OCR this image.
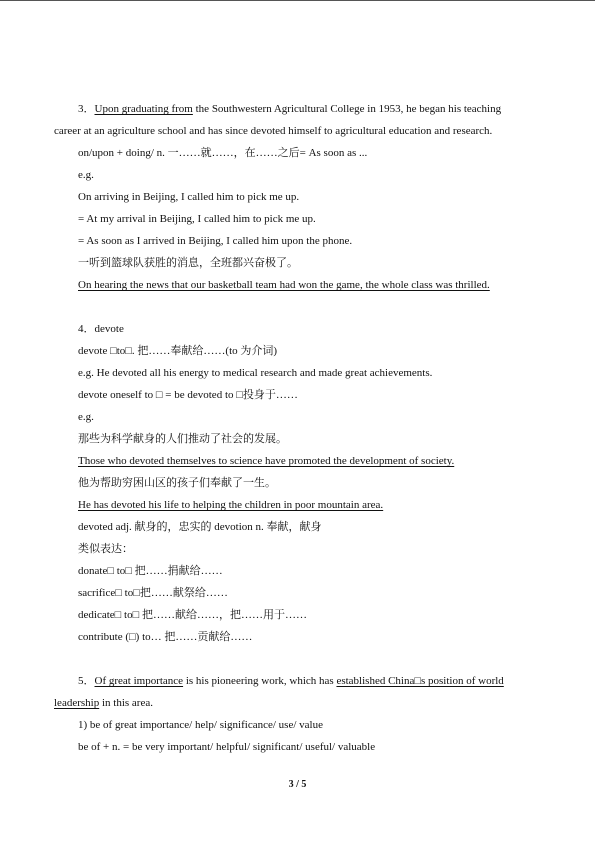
3．Upon graduating from the Southwestern Agricultural College in 1953, he began his teaching
career at an agriculture school and has since devoted himself to agricultural education and research.
on/upon + doing/ n. 一……就……，在……之后= As soon as ...
e.g.
On arriving in Beijing, I called him to pick me up.
= At my arrival in Beijing, I called him to pick me up.
= As soon as I arrived in Beijing, I called him upon the phone.
一听到篮球队获胜的消息，全班都兴奋极了。
On hearing the news that our basketball team had won the game, the whole class was thrilled.
4．devote
devote □to□. 把……奉献给……(to 为介词)
e.g. He devoted all his energy to medical research and made great achievements.
devote oneself to □ = be devoted to □投身于……
e.g.
那些为科学献身的人们推动了社会的发展。
Those who devoted themselves to science have promoted the development of society.
他为帮助穷困山区的孩子们奉献了一生。
He has devoted his life to helping the children in poor mountain area.
devoted adj. 献身的，忠实的 devotion n. 奉献，献身
类似表达：
donate□ to□ 把……捐献给……
sacrifice□ to□把……献祭给……
dedicate□ to□ 把……献给……，把……用于……
contribute (□) to… 把……贡献给……
5．Of great importance is his pioneering work, which has established China□s position of world
leadership in this area.
1) be of great importance/ help/ significance/ use/ value
be of + n. = be very important/ helpful/ significant/ useful/ valuable
3 / 5
